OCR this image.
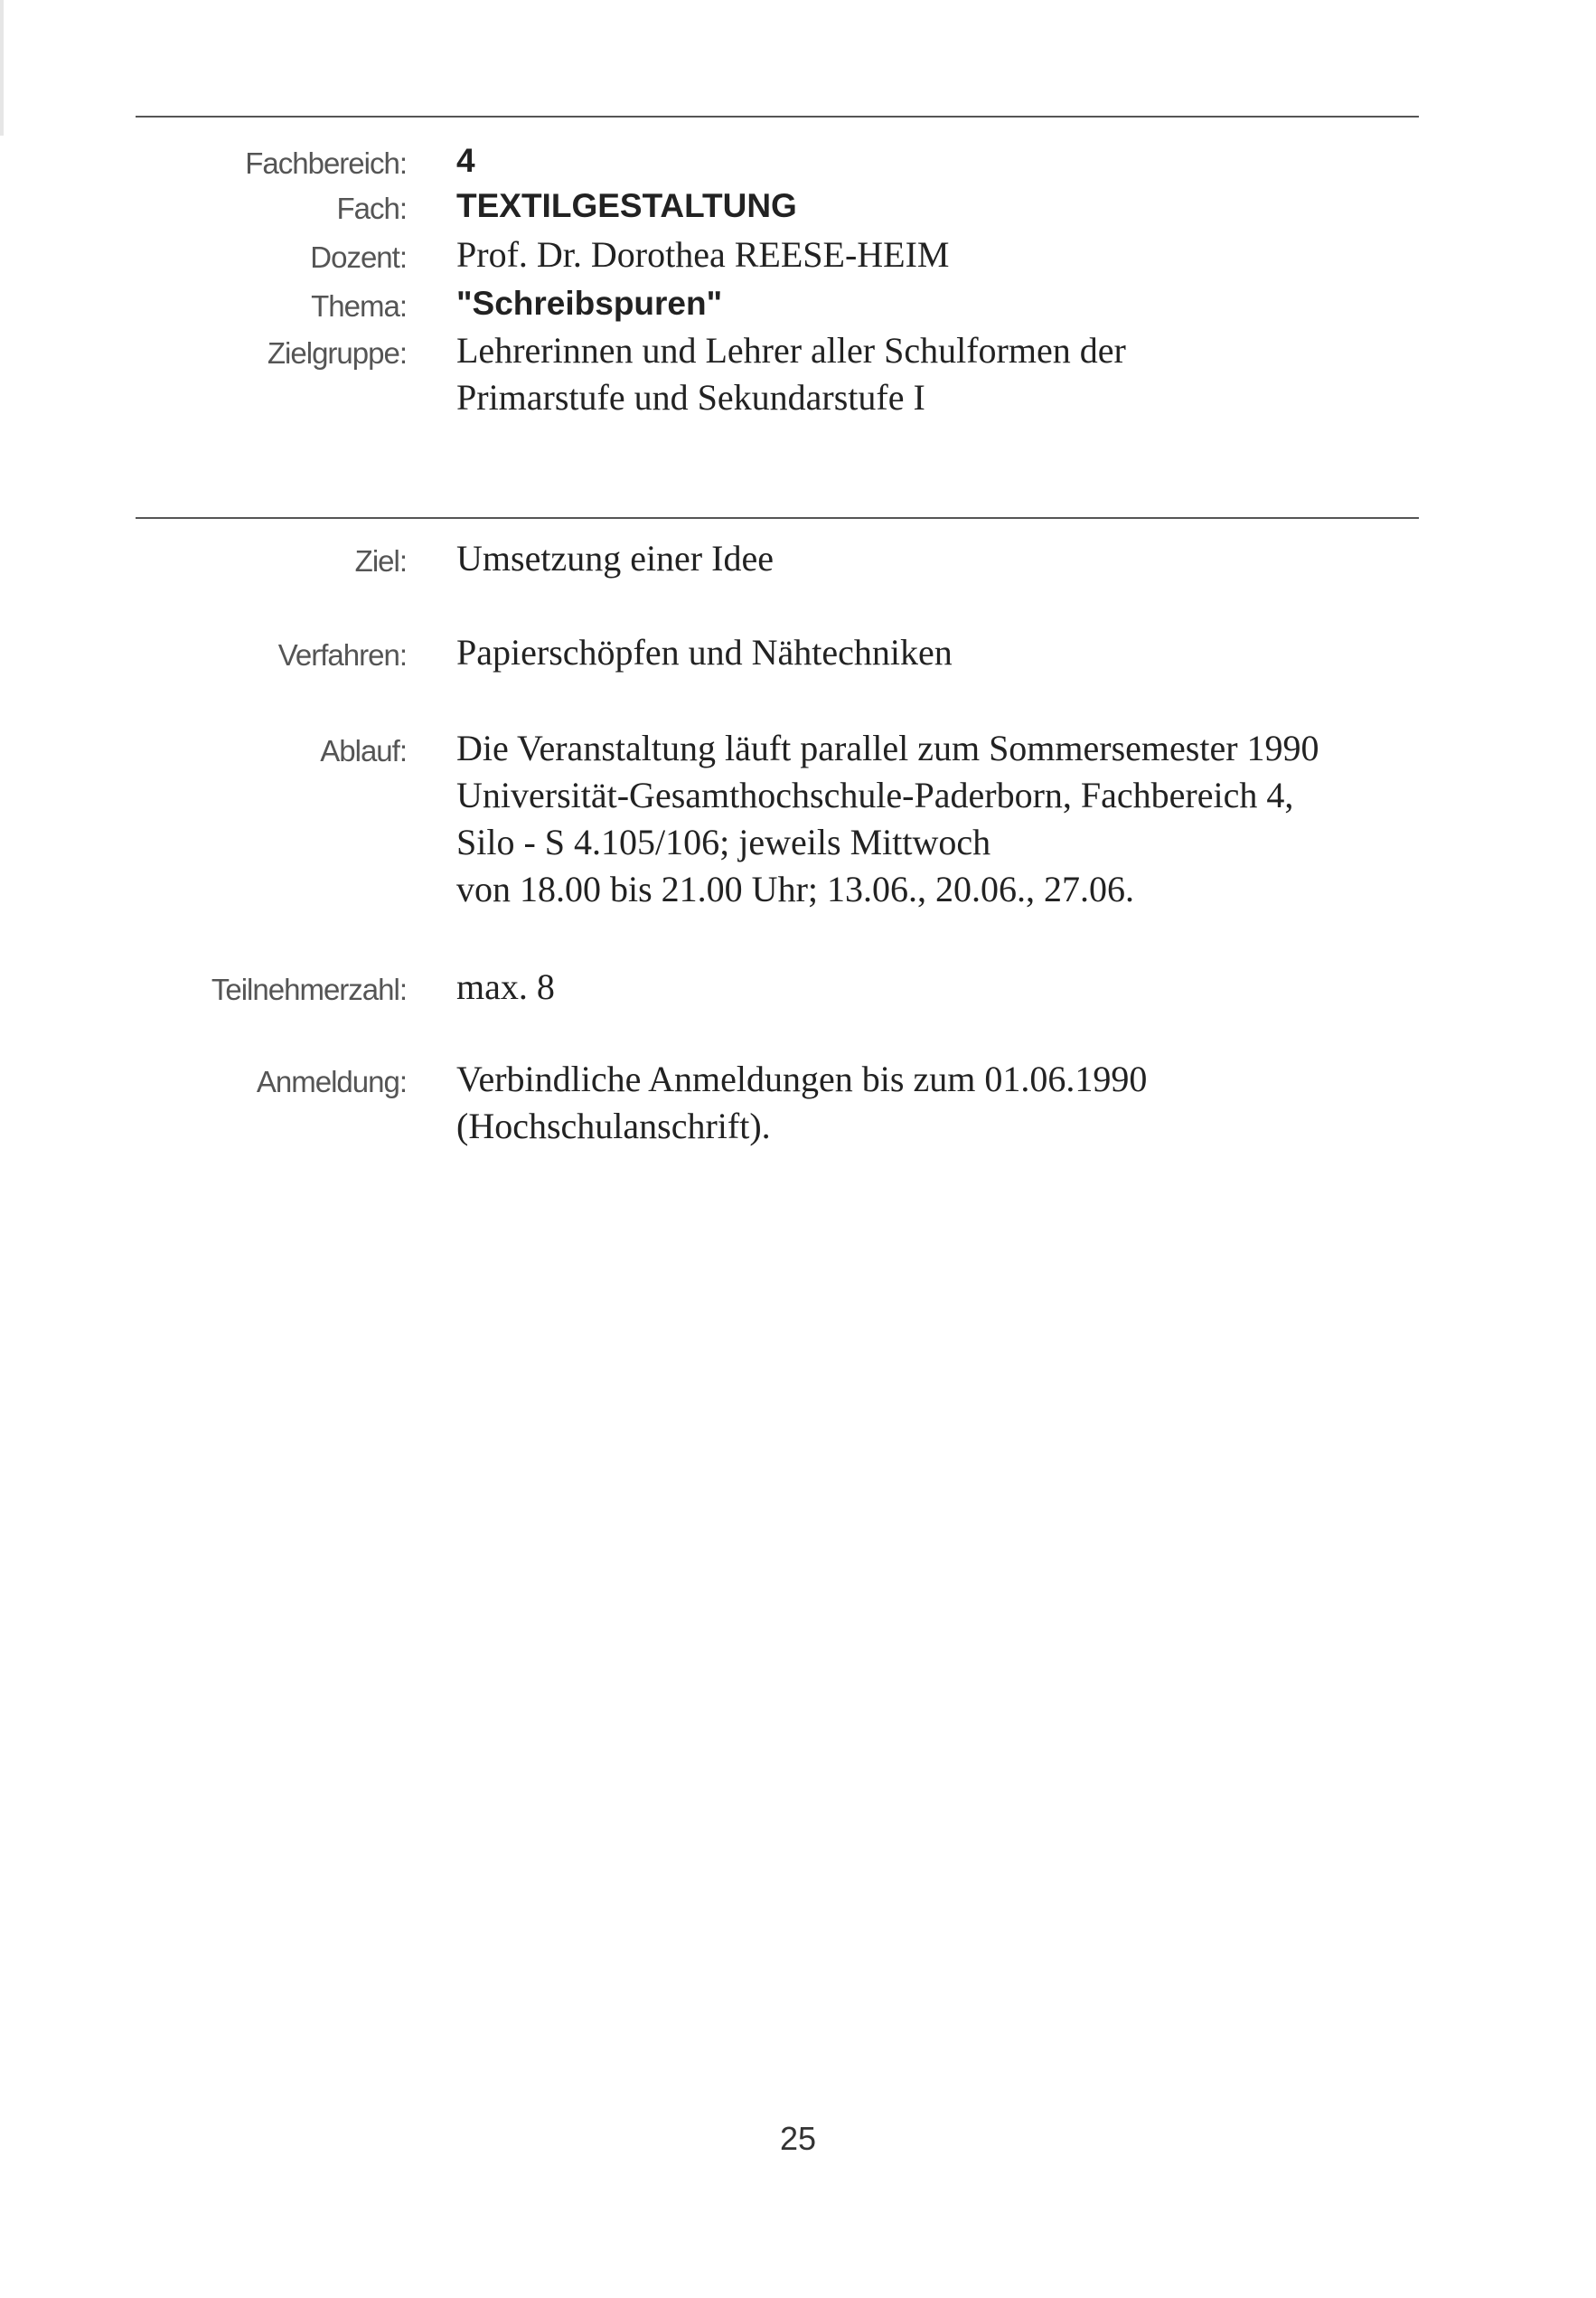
Fachbereich: 4
Fach: TEXTILGESTALTUNG
Dozent: Prof. Dr. Dorothea REESE-HEIM
Thema: "Schreibspuren"
Zielgruppe: Lehrerinnen und Lehrer aller Schulformen der
Primarstufe und Sekundarstufe I
Ziel: Umsetzung einer Idee
Verfahren: Papierschöpfen und Nähtechniken
Ablauf: Die Veranstaltung läuft parallel zum Sommersemester 1990
Universität-Gesamthochschule-Paderborn, Fachbereich 4,
Silo - S 4.105/106; jeweils Mittwoch
von 18.00 bis 21.00 Uhr; 13.06., 20.06., 27.06.
Teilnehmerzahl: max. 8
Anmeldung: Verbindliche Anmeldungen bis zum 01.06.1990
(Hochschulanschrift).
25
